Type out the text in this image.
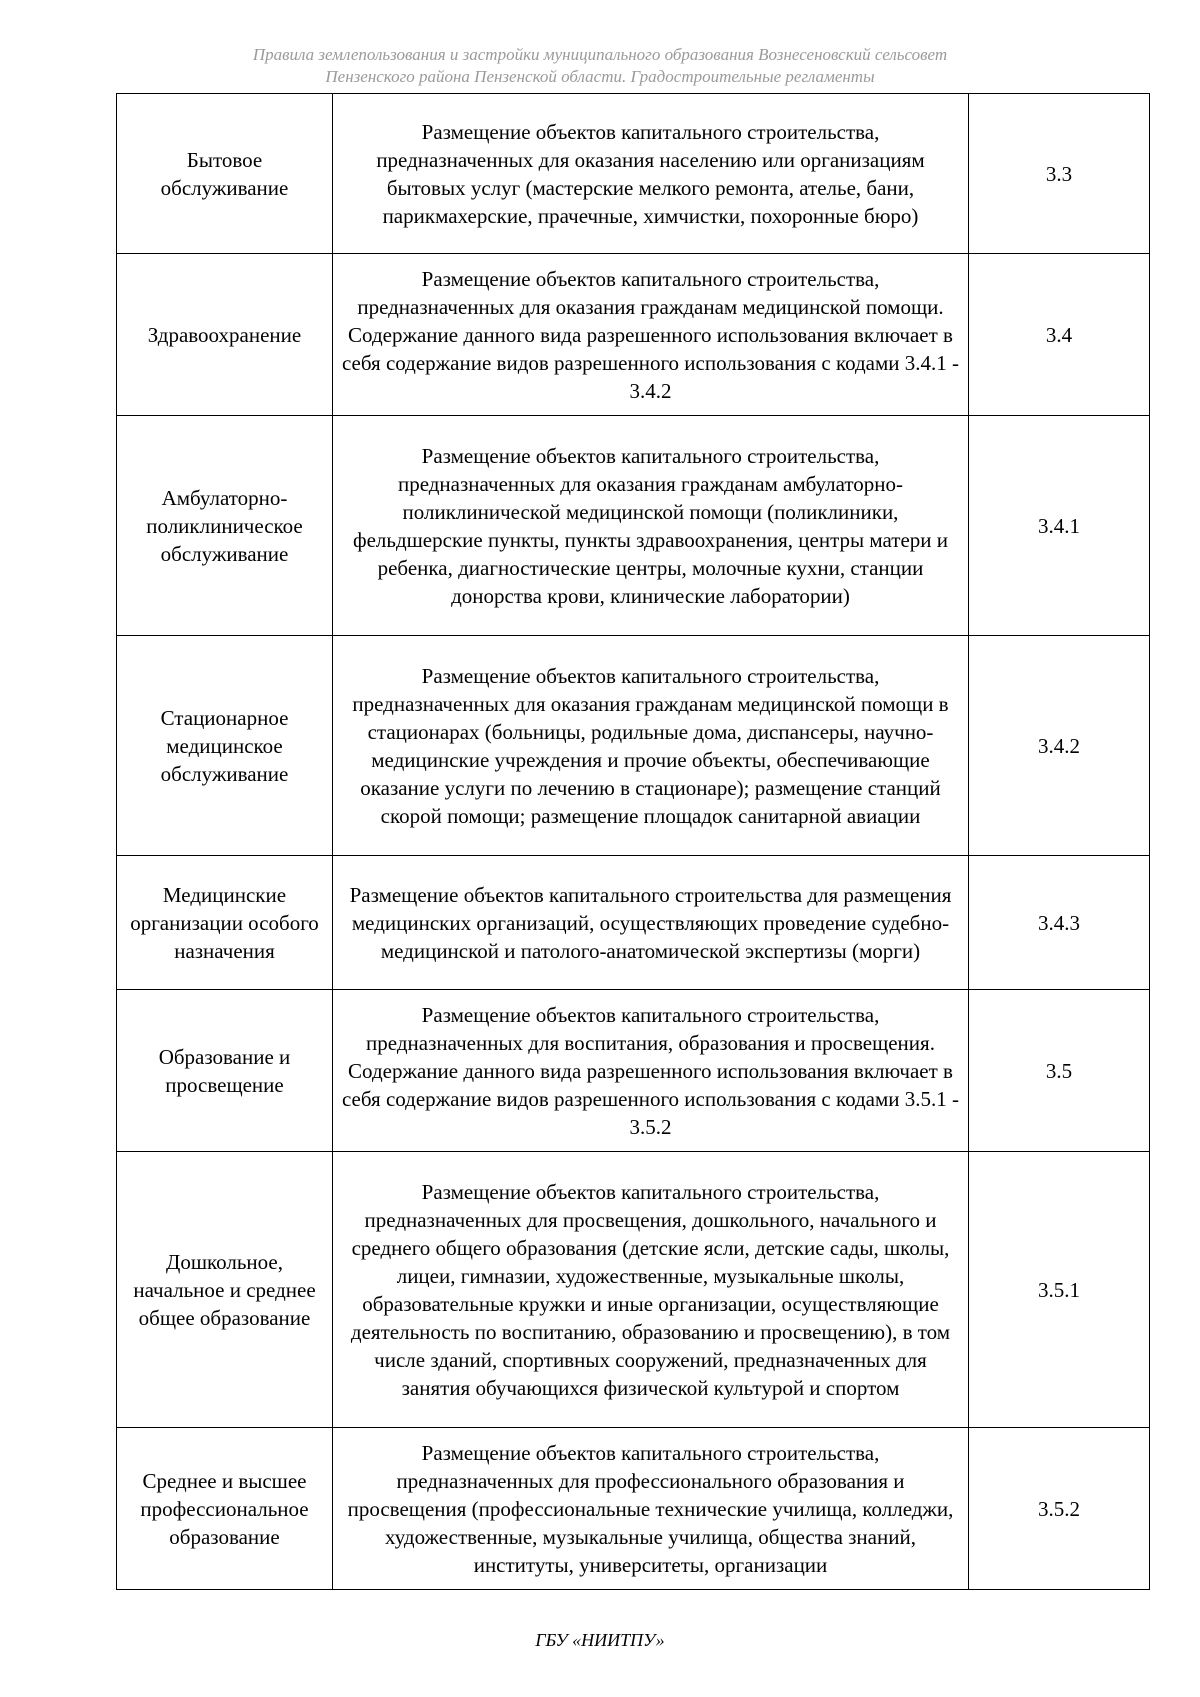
Правила землепользования и застройки муниципального образования Вознесеновский сельсовет
Пензенского района Пензенской области. Градостроительные регламенты
Бытовое обслуживание	Размещение объектов капитального строительства, предназначенных для оказания населению или организациям бытовых услуг (мастерские мелкого ремонта, ателье, бани, парикмахерские, прачечные, химчистки, похоронные бюро)	3.3
Здравоохранение	Размещение объектов капитального строительства, предназначенных для оказания гражданам медицинской помощи. Содержание данного вида разрешенного использования включает в себя содержание видов разрешенного использования с кодами 3.4.1 - 3.4.2	3.4
Амбулаторно-поликлиническое обслуживание	Размещение объектов капитального строительства, предназначенных для оказания гражданам амбулаторно-поликлинической медицинской помощи (поликлиники, фельдшерские пункты, пункты здравоохранения, центры матери и ребенка, диагностические центры, молочные кухни, станции донорства крови, клинические лаборатории)	3.4.1
Стационарное медицинское обслуживание	Размещение объектов капитального строительства, предназначенных для оказания гражданам медицинской помощи в стационарах (больницы, родильные дома, диспансеры, научно-медицинские учреждения и прочие объекты, обеспечивающие оказание услуги по лечению в стационаре); размещение станций скорой помощи; размещение площадок санитарной авиации	3.4.2
Медицинские организации особого назначения	Размещение объектов капитального строительства для размещения медицинских организаций, осуществляющих проведение судебно-медицинской и патолого-анатомической экспертизы (морги)	3.4.3
Образование и просвещение	Размещение объектов капитального строительства, предназначенных для воспитания, образования и просвещения. Содержание данного вида разрешенного использования включает в себя содержание видов разрешенного использования с кодами 3.5.1 - 3.5.2	3.5
Дошкольное, начальное и среднее общее образование	Размещение объектов капитального строительства, предназначенных для просвещения, дошкольного, начального и среднего общего образования (детские ясли, детские сады, школы, лицеи, гимназии, художественные, музыкальные школы, образовательные кружки и иные организации, осуществляющие деятельность по воспитанию, образованию и просвещению), в том числе зданий, спортивных сооружений, предназначенных для занятия обучающихся физической культурой и спортом	3.5.1
Среднее и высшее профессиональное образование	Размещение объектов капитального строительства, предназначенных для профессионального образования и просвещения (профессиональные технические училища, колледжи, художественные, музыкальные училища, общества знаний, институты, университеты, организации	3.5.2
ГБУ «НИИТПУ»
